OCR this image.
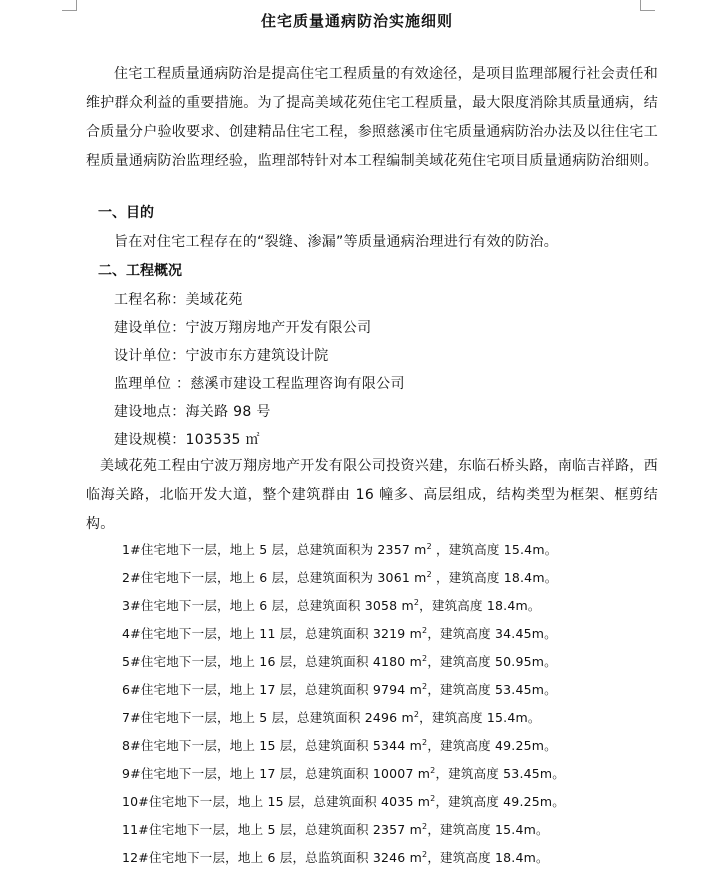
住宅质量通病防治实施细则
住宅工程质量通病防治是提高住宅工程质量的有效途径，是项目监理部履行社会责任和维护群众利益的重要措施。为了提高美域花苑住宅工程质量，最大限度消除其质量通病，结合质量分户验收要求、创建精品住宅工程，参照慈溪市住宅质量通病防治办法及以往住宅工程质量通病防治监理经验，监理部特针对本工程编制美域花苑住宅项目质量通病防治细则。
一、目的
旨在对住宅工程存在的“裂缝、渗漏”等质量通病治理进行有效的防治。
二、工程概况
工程名称：美域花苑
建设单位：宁波万翔房地产开发有限公司
设计单位：宁波市东方建筑设计院
监理单位 ：慈溪市建设工程监理咨询有限公司
建设地点：海关路 98 号
建设规模：103535 ㎡
美域花苑工程由宁波万翔房地产开发有限公司投资兴建，东临石桥头路，南临吉祥路，西临海关路，北临开发大道，整个建筑群由 16 幢多、高层组成，结构类型为框架、框剪结构。
1#住宅地下一层，地上 5 层，总建筑面积为 2357 $m^2$ ，建筑高度 15.4m。
2#住宅地下一层，地上 6 层，总建筑面积为 3061 $m^2$ ，建筑高度 18.4m。
3#住宅地下一层，地上 6 层，总建筑面积 3058 $m^2$，建筑高度 18.4m。
4#住宅地下一层，地上 11 层，总建筑面积 3219 $m^2$，建筑高度 34.45m。
5#住宅地下一层，地上 16 层，总建筑面积 4180 $m^2$，建筑高度 50.95m。
6#住宅地下一层，地上 17 层，总建筑面积 9794 $m^2$，建筑高度 53.45m。
7#住宅地下一层，地上 5 层，总建筑面积 2496 $m^2$，建筑高度 15.4m。
8#住宅地下一层，地上 15 层，总建筑面积 5344 $m^2$，建筑高度 49.25m。
9#住宅地下一层，地上 17 层，总建筑面积 10007 $m^2$，建筑高度 53.45m。
10#住宅地下一层，地上 15 层，总建筑面积 4035 $m^2$，建筑高度 49.25m。
11#住宅地下一层，地上 5 层，总建筑面积 2357 $m^2$，建筑高度 15.4m。
12#住宅地下一层，地上 6 层，总监筑面积 3246 $m^2$，建筑高度 18.4m。
